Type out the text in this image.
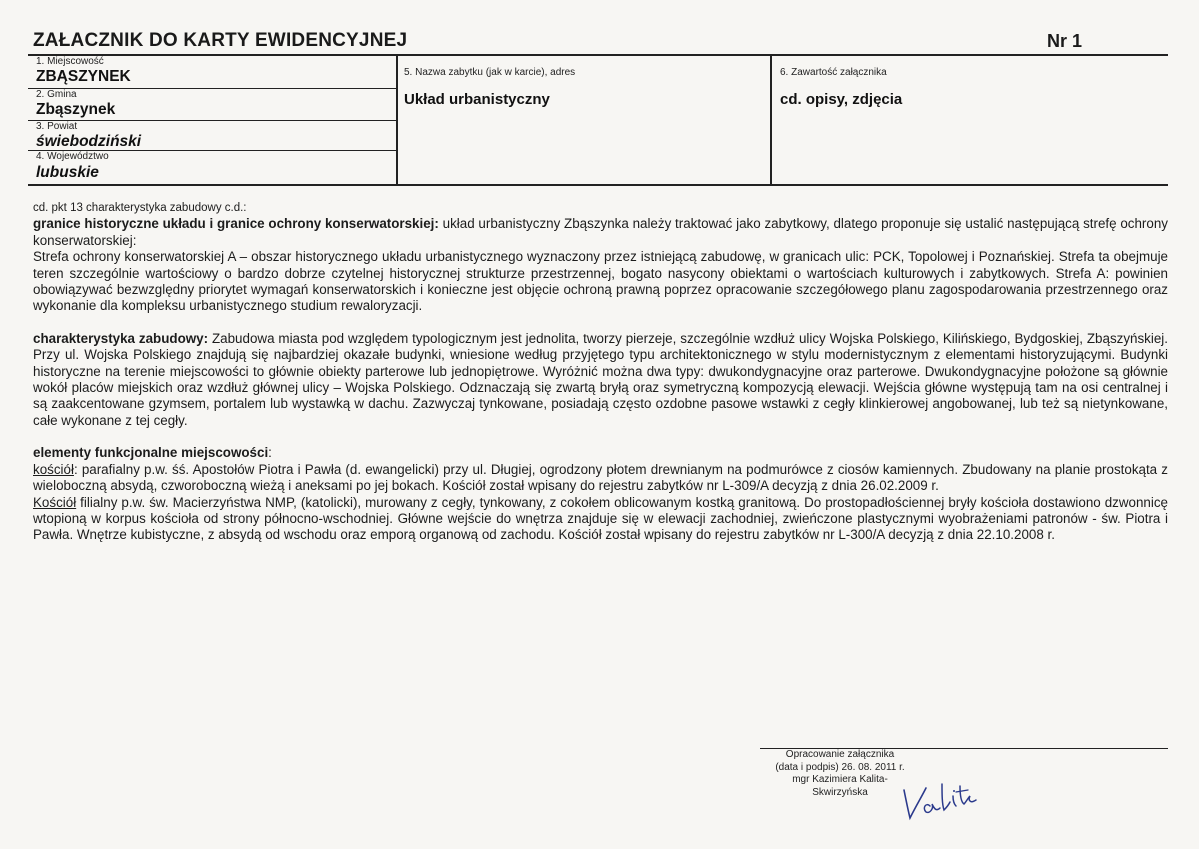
ZAŁACZNIK DO KARTY EWIDENCYJNEJ	Nr 1
1. Miejscowość
ZBĄSZYNEK
2. Gmina
Zbąszynek
3. Powiat
świebodziński
4. Województwo
lubuskie
5. Nazwa zabytku (jak w karcie), adres
Układ urbanistyczny
6. Zawartość załącznika
cd. opisy, zdjęcia

cd. pkt 13 charakterystyka zabudowy c.d.:

granice historyczne układu i granice ochrony konserwatorskiej: układ urbanistyczny Zbąszynka należy traktować jako zabytkowy, dlatego proponuje się ustalić następującą strefę ochrony konserwatorskiej:

Strefa ochrony konserwatorskiej A – obszar historycznego układu urbanistycznego wyznaczony przez istniejącą zabudowę, w granicach ulic: PCK, Topolowej i Poznańskiej. Strefa ta obejmuje teren szczególnie wartościowy o bardzo dobrze czytelnej historycznej strukturze przestrzennej, bogato nasycony obiektami o wartościach kulturowych i zabytkowych. Strefa A: powinien obowiązywać bezwzględny priorytet wymagań konserwatorskich i konieczne jest objęcie ochroną prawną poprzez opracowanie szczegółowego planu zagospodarowania przestrzennego oraz wykonanie dla kompleksu urbanistycznego studium rewaloryzacji.

charakterystyka zabudowy: Zabudowa miasta pod względem typologicznym jest jednolita, tworzy pierzeje, szczególnie wzdłuż ulicy Wojska Polskiego, Kilińskiego, Bydgoskiej, Zbąszyńskiej. Przy ul. Wojska Polskiego znajdują się najbardziej okazałe budynki, wniesione według przyjętego typu architektonicznego w stylu modernistycznym z elementami historyzującymi. Budynki historyczne na terenie miejscowości to głównie obiekty parterowe lub jednopiętrowe. Wyróżnić można dwa typy: dwukondygnacyjne oraz parterowe. Dwukondygnacyjne położone są głównie wokół placów miejskich oraz wzdłuż głównej ulicy – Wojska Polskiego. Odznaczają się zwartą bryłą oraz symetryczną kompozycją elewacji. Wejścia główne występują tam na osi centralnej i są zaakcentowane gzymsem, portalem lub wystawką w dachu. Zazwyczaj tynkowane, posiadają często ozdobne pasowe wstawki z cegły klinkierowej angobowanej, lub też są nietynkowane, całe wykonane z tej cegły.

elementy funkcjonalne miejscowości:

kościół: parafialny p.w. śś. Apostołów Piotra i Pawła (d. ewangelicki) przy ul. Długiej, ogrodzony płotem drewnianym na podmurówce z ciosów kamiennych. Zbudowany na planie prostokąta z wieloboczną absydą, czworoboczną wieżą i aneksami po jej bokach. Kościół został wpisany do rejestru zabytków nr L-309/A decyzją z dnia 26.02.2009 r.

Kościół filialny p.w. św. Macierzyństwa NMP, (katolicki), murowany z cegły, tynkowany, z cokołem oblicowanym kostką granitową. Do prostopadłościennej bryły kościoła dostawiono dzwonnicę wtopioną w korpus kościoła od strony północno-wschodniej. Główne wejście do wnętrza znajduje się w elewacji zachodniej, zwieńczone plastycznymi wyobrażeniami patronów - św. Piotra i Pawła. Wnętrze kubistyczne, z absydą od wschodu oraz emporą organową od zachodu. Kościół został wpisany do rejestru zabytków nr L-300/A decyzją z dnia 22.10.2008 r.

Opracowanie załącznika
(data i podpis) 26. 08. 2011 r.
mgr Kazimiera Kalita-
Skwirzyńska
